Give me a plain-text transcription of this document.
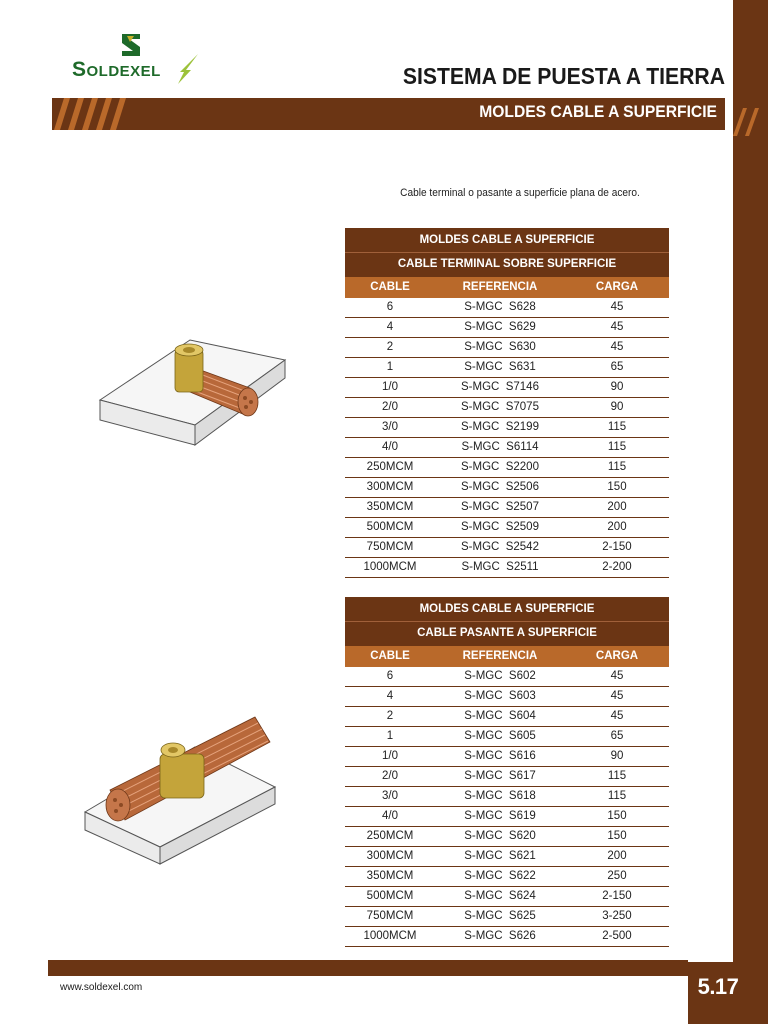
Soldexel	SISTEMA DE PUESTA A TIERRA
MOLDES CABLE A SUPERFICIE
Cable terminal o pasante a superficie plana de acero.
MOLDES CABLE A SUPERFICIE
CABLE TERMINAL SOBRE SUPERFICIE
CABLE	REFERENCIA	CARGA
6	S-MGC  S628	45
4	S-MGC  S629	45
2	S-MGC  S630	45
1	S-MGC  S631	65
1/0	S-MGC  S7146	90
2/0	S-MGC  S7075	90
3/0	S-MGC  S2199	115
4/0	S-MGC  S6114	115
250MCM	S-MGC  S2200	115
300MCM	S-MGC  S2506	150
350MCM	S-MGC  S2507	200
500MCM	S-MGC  S2509	200
750MCM	S-MGC  S2542	2-150
1000MCM	S-MGC  S2511	2-200
MOLDES CABLE A SUPERFICIE
CABLE PASANTE A SUPERFICIE
CABLE	REFERENCIA	CARGA
6	S-MGC  S602	45
4	S-MGC  S603	45
2	S-MGC  S604	45
1	S-MGC  S605	65
1/0	S-MGC  S616	90
2/0	S-MGC  S617	115
3/0	S-MGC  S618	115
4/0	S-MGC  S619	150
250MCM	S-MGC  S620	150
300MCM	S-MGC  S621	200
350MCM	S-MGC  S622	250
500MCM	S-MGC  S624	2-150
750MCM	S-MGC  S625	3-250
1000MCM	S-MGC  S626	2-500
www.soldexel.com	5.17
